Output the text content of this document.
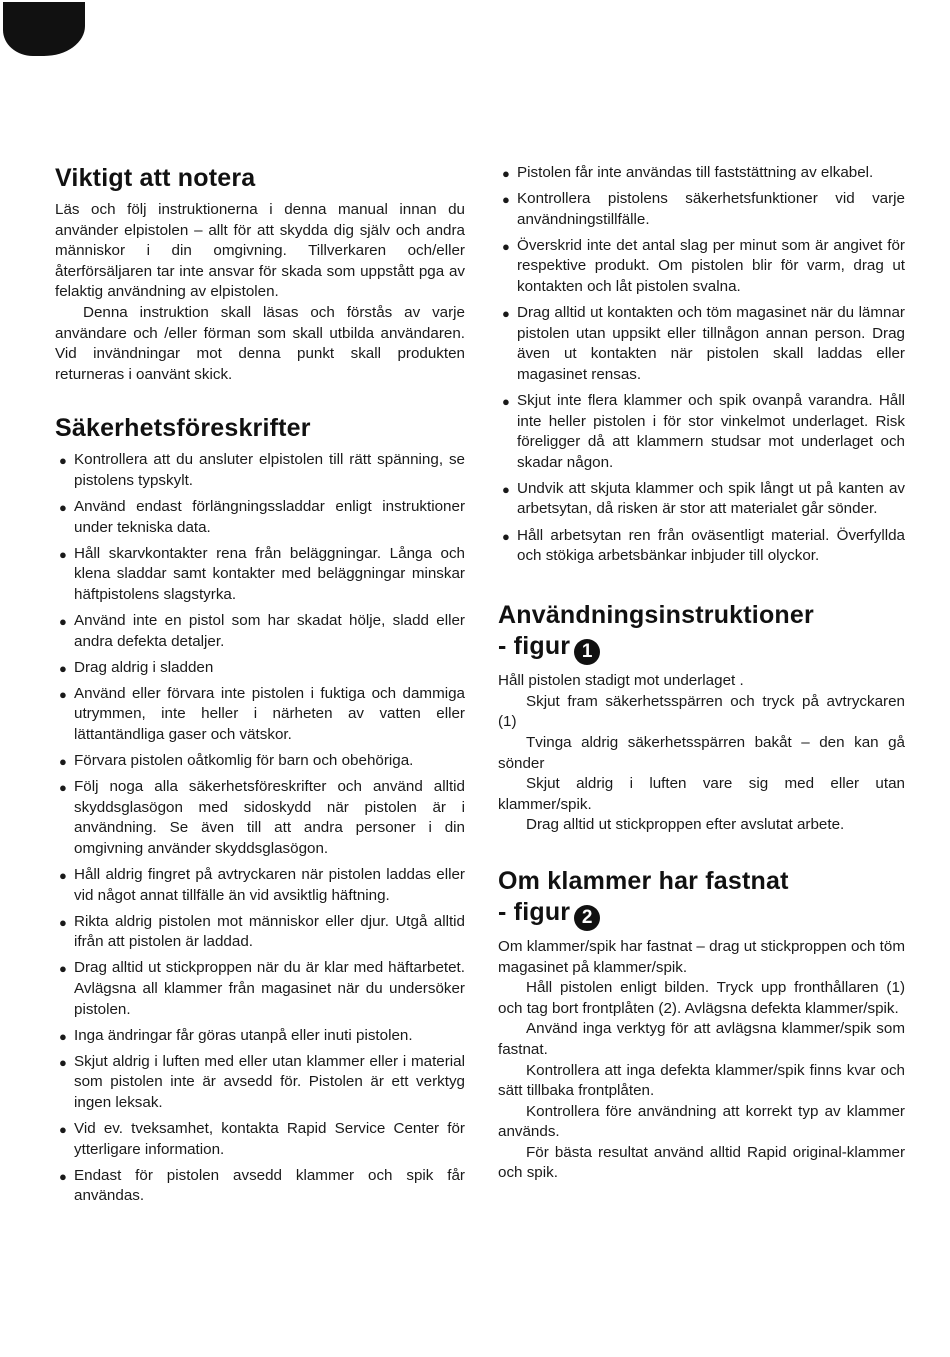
Viktigt att notera

Läs och följ instruktionerna i denna manual innan du använder elpistolen – allt för att skydda dig själv och andra människor i din omgivning. Tillverkaren och/eller återförsäljaren tar inte ansvar för skada som uppstått pga av felaktig användning av elpistolen.

Denna instruktion skall läsas och förstås av varje användare och /eller förman som skall utbilda användaren. Vid invändningar mot denna punkt skall produkten returneras i oanvänt skick.

Säkerhetsföreskrifter
● Kontrollera att du ansluter elpistolen till rätt spänning, se pistolens typskylt.
● Använd endast förlängningssladdar enligt instruktioner under tekniska data.
● Håll skarvkontakter rena från beläggningar. Långa och klena sladdar samt kontakter med beläggningar minskar häftpistolens slagstyrka.
● Använd inte en pistol som har skadat hölje, sladd eller andra defekta detaljer.
● Drag aldrig i sladden
● Använd eller förvara inte pistolen i fuktiga och dammiga utrymmen, inte heller i närheten av vatten eller lättantändliga gaser och vätskor.
● Förvara pistolen oåtkomlig för barn och obehöriga.
● Följ noga alla säkerhetsföreskrifter och använd alltid skyddsglasögon med sidoskydd när pistolen är i användning. Se även till att andra personer i din omgivning använder skyddsglasögon.
● Håll aldrig fingret på avtryckaren när pistolen laddas eller vid något annat tillfälle än vid avsiktlig häftning.
● Rikta aldrig pistolen mot människor eller djur. Utgå alltid ifrån att pistolen är laddad.
● Drag alltid ut stickproppen när du är klar med häftarbetet. Avlägsna all klammer från magasinet när du undersöker pistolen.
● Inga ändringar får göras utanpå eller inuti pistolen.
● Skjut aldrig i luften med eller utan klammer eller i material som pistolen inte är avsedd för. Pistolen är ett verktyg ingen leksak.
● Vid ev. tveksamhet, kontakta Rapid Service Center för ytterligare information.
● Endast för pistolen avsedd klammer och spik får användas.
● Pistolen får inte användas till faststättning av elkabel.
● Kontrollera pistolens säkerhetsfunktioner vid varje användningstillfälle.
● Överskrid inte det antal slag per minut som är angivet för respektive produkt. Om pistolen blir för varm, drag ut kontakten och låt pistolen svalna.
● Drag alltid ut kontakten och töm magasinet när du lämnar pistolen utan uppsikt eller tillnågon annan person. Drag även ut kontakten när pistolen skall laddas eller magasinet rensas.
● Skjut inte flera klammer och spik ovanpå varandra. Håll inte heller pistolen i för stor vinkelmot underlaget. Risk föreligger då att klammern studsar mot underlaget och skadar någon.
● Undvik att skjuta klammer och spik långt ut på kanten av arbetsytan, då risken är stor att materialet går sönder.
● Håll arbetsytan ren från oväsentligt material. Överfyllda och stökiga arbetsbänkar inbjuder till olyckor.
Användningsinstruktioner
- figur 1

Håll pistolen stadigt mot underlaget .

Skjut fram säkerhetsspärren och tryck på avtryckaren (1)

Tvinga aldrig säkerhetsspärren bakåt – den kan gå sönder

Skjut aldrig i luften vare sig med eller utan klammer/spik.

Drag alltid ut stickproppen efter avslutat arbete.

Om klammer har fastnat
- figur 2

Om klammer/spik har fastnat – drag ut stickproppen och töm magasinet på klammer/spik.

Håll pistolen enligt bilden. Tryck upp fronthållaren (1) och tag bort frontplåten (2). Avlägsna defekta klammer/spik.

Använd inga verktyg för att avlägsna klammer/spik som fastnat.

Kontrollera att inga defekta klammer/spik finns kvar och sätt tillbaka frontplåten.

Kontrollera före användning att korrekt typ av klammer används.

För bästa resultat använd alltid Rapid original-klammer och spik.
